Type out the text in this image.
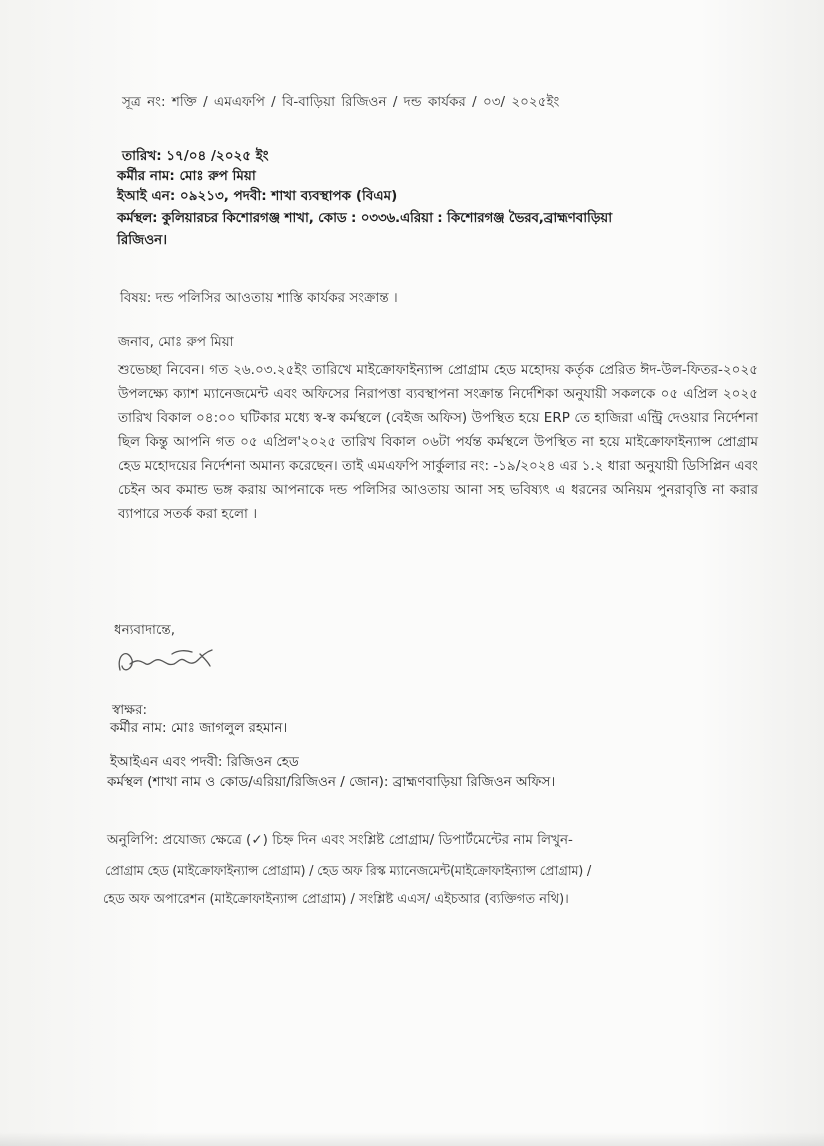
সূত্র নং: শক্তি / এমএফপি / বি-বাড়িয়া রিজিওন / দন্ড কার্যকর / ০৩/ ২০২৫ইং
তারিখ: ১৭/০৪ /২০২৫ ইং
কর্মীর নাম: মোঃ রুপ মিয়া
ইআই এন: ০৯২১৩, পদবী: শাখা ব্যবস্থাপক (বিএম)
কর্মস্থল: কুলিয়ারচর কিশোরগঞ্জ শাখা, কোড : ০৩৩৬.এরিয়া : কিশোরগঞ্জ ভৈরব,ব্রাহ্মণবাড়িয়া
রিজিওন।
বিষয়: দন্ড পলিসির আওতায় শাস্তি কার্যকর সংক্রান্ত ।
জনাব, মোঃ রুপ মিয়া
শুভেচ্ছা নিবেন। গত ২৬.০৩.২৫ইং তারিখে মাইক্রোফাইন্যান্স প্রোগ্রাম হেড মহোদয় কর্তৃক প্রেরিত ঈদ-উল-ফিতর-২০২৫ উপলক্ষ্যে ক্যাশ ম্যানেজমেন্ট এবং অফিসের নিরাপত্তা ব্যবস্থাপনা সংক্রান্ত নির্দেশিকা অনুযায়ী সকলকে ০৫ এপ্রিল ২০২৫ তারিখ বিকাল ০৪:০০ ঘটিকার মধ্যে স্ব-স্ব কর্মস্থলে (বেইজ অফিস) উপস্থিত হয়ে ERP তে হাজিরা এন্ট্রি দেওয়ার নির্দেশনা ছিল কিন্তু আপনি গত ০৫ এপ্রিল'২০২৫ তারিখ বিকাল ০৬টা পর্যন্ত কর্মস্থলে উপস্থিত না হয়ে মাইক্রোফাইন্যান্স প্রোগ্রাম হেড মহোদয়ের নির্দেশনা অমান্য করেছেন। তাই এমএফপি সার্কুলার নং: -১৯/২০২৪ এর ১.২ ধারা অনুযায়ী ডিসিপ্লিন এবং চেইন অব কমান্ড ভঙ্গ করায় আপনাকে দন্ড পলিসির আওতায় আনা সহ ভবিষ্যৎ এ ধরনের অনিয়ম পুনরাবৃত্তি না করার ব্যাপারে সতর্ক করা হলো ।
ধন্যবাদান্তে,
স্বাক্ষর:
কর্মীর নাম: মোঃ জাগলুল রহমান।
ইআইএন এবং পদবী: রিজিওন হেড
কর্মস্থল (শাখা নাম ও কোড/এরিয়া/রিজিওন / জোন): ব্রাহ্মণবাড়িয়া রিজিওন অফিস।
অনুলিপি: প্রযোজ্য ক্ষেত্রে (✓) চিহ্ন দিন এবং সংশ্লিষ্ট প্রোগ্রাম/ ডিপার্টমেন্টের নাম লিখুন-
প্রোগ্রাম হেড (মাইক্রোফাইন্যান্স প্রোগ্রাম) / হেড অফ রিস্ক ম্যানেজমেন্ট(মাইক্রোফাইন্যান্স প্রোগ্রাম) /
হেড অফ অপারেশন (মাইক্রোফাইন্যান্স প্রোগ্রাম) / সংশ্লিষ্ট এএস/ এইচআর (ব্যক্তিগত নথি)।
